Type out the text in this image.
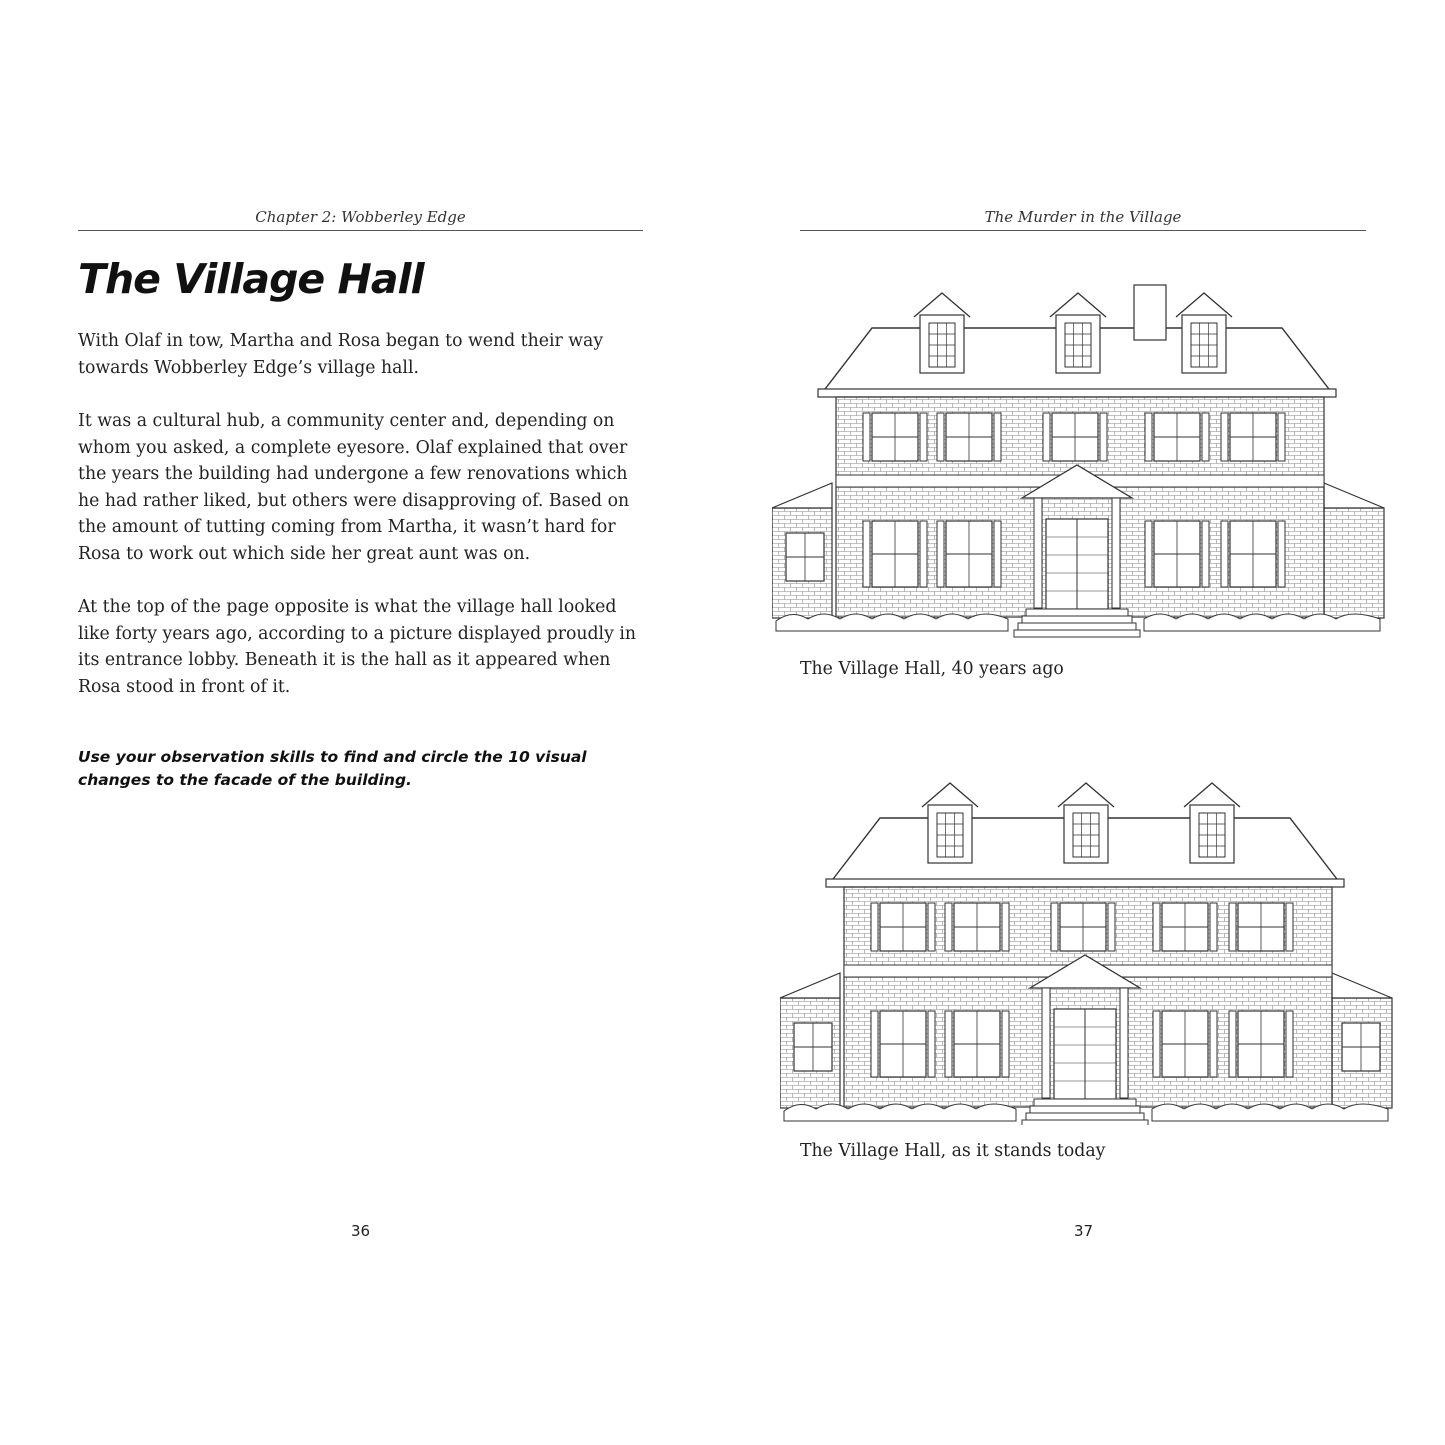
Chapter 2: Wobberley Edge
The Village Hall

With Olaf in tow, Martha and Rosa began to wend their way towards Wobberley Edge’s village hall.

It was a cultural hub, a community center and, depending on whom you asked, a complete eyesore. Olaf explained that over the years the building had undergone a few renovations which he had rather liked, but others were disapproving of. Based on the amount of tutting coming from Martha, it wasn’t hard for Rosa to work out which side her great aunt was on.

At the top of the page opposite is what the village hall looked like forty years ago, according to a picture displayed proudly in its entrance lobby. Beneath it is the hall as it appeared when Rosa stood in front of it.

Use your observation skills to find and circle the 10 visual changes to the facade of the building.

36
The Murder in the Village
The Village Hall, 40 years ago
The Village Hall, as it stands today
37
